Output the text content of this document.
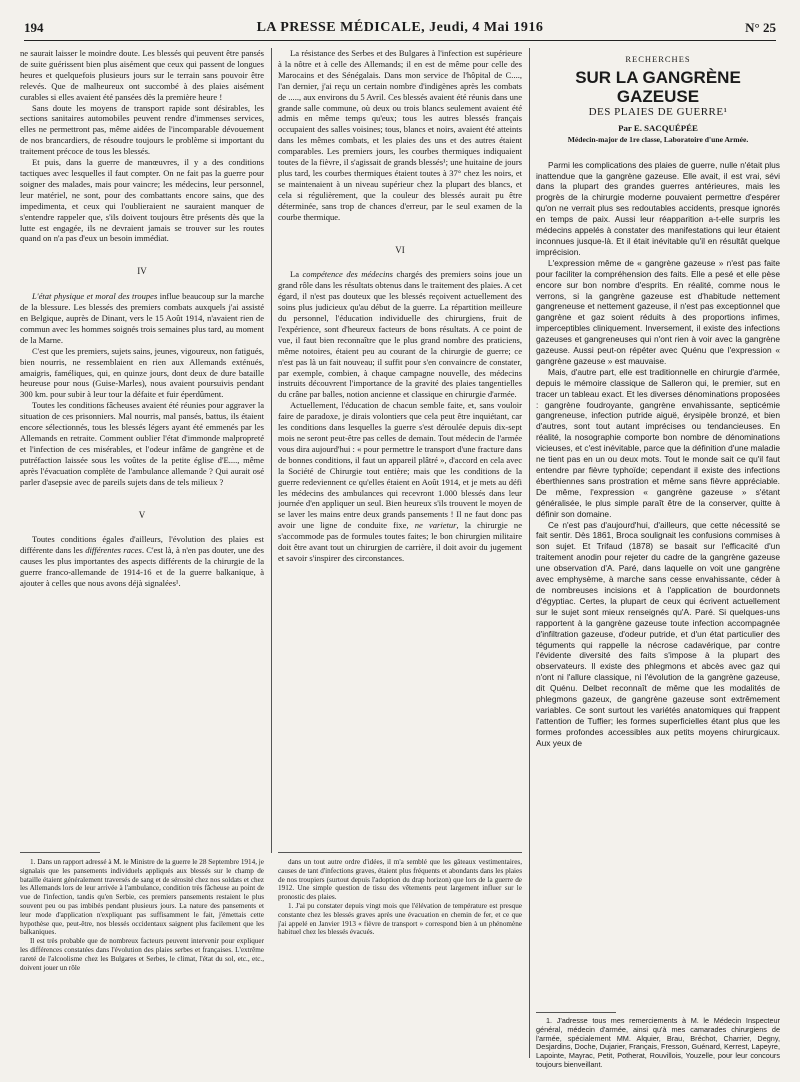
194	LA PRESSE MÉDICALE, Jeudi, 4 Mai 1916	N° 25

ne saurait laisser le moindre doute. Les blessés qui peuvent être pansés de suite guérissent bien plus aisément que ceux qui passent de longues heures et quelquefois plusieurs jours sur le terrain sans pouvoir être relevés. Que de malheureux ont succombé à des plaies aisément curables si elles avaient été pansées dès la première heure !

Sans doute les moyens de transport rapide sont désirables, les sections sanitaires automobiles peuvent rendre d'immenses services, elles ne permettront pas, même aidées de l'incomparable dévouement de nos brancardiers, de résoudre toujours le problème si important du traitement précoce de tous les blessés.

Et puis, dans la guerre de manœuvres, il y a des conditions tactiques avec lesquelles il faut compter. On ne fait pas la guerre pour soigner des malades, mais pour vaincre; les médecins, leur personnel, leur matériel, ne sont, pour des combattants encore sains, que des impedimenta, et ceux qui l'oublieraient ne sauraient manquer de s'entendre rappeler que, s'ils doivent toujours être présents dès que la lutte est engagée, ils ne devraient jamais se trouver sur les routes quand on n'a pas d'eux un besoin immédiat.

IV

L'état physique et moral des troupes influe beaucoup sur la marche de la blessure. Les blessés des premiers combats auxquels j'ai assisté en Belgique, auprès de Dinant, vers le 15 Août 1914, n'avaient rien de commun avec les hommes soignés trois semaines plus tard, au moment de la Marne.

C'est que les premiers, sujets sains, jeunes, vigoureux, non fatigués, bien nourris, ne ressemblaient en rien aux Allemands exténués, amaigris, faméliques, qui, en quinze jours, dont deux de dure bataille heureuse pour nous (Guise-Marles), nous avaient poursuivis pendant 300 km. pour subir à leur tour la défaite et fuir éperdûment.

Toutes les conditions fâcheuses avaient été réunies pour aggraver la situation de ces prisonniers. Mal nourris, mal pansés, battus, ils étaient encore sélectionnés, tous les blessés légers ayant été emmenés par les Allemands en retraite. Comment oublier l'état d'immonde malpropreté et l'infection de ces misérables, et l'odeur infâme de gangrène et de putréfaction laissée sous les voûtes de la petite église d'E...., même après l'évacuation complète de l'ambulance allemande ? Qui aurait osé parler d'asepsie avec de pareils sujets dans de tels milieux ?

V

Toutes conditions égales d'ailleurs, l'évolution des plaies est différente dans les différentes races. C'est là, à n'en pas douter, une des causes les plus importantes des aspects différents de la chirurgie de la guerre franco-allemande de 1914-16 et de la guerre balkanique, à ajouter à celles que nous avons déjà signalées¹.

La résistance des Serbes et des Bulgares à l'infection est supérieure à la nôtre et à celle des Allemands; il en est de même pour celle des Marocains et des Sénégalais. Dans mon service de l'hôpital de C...., l'an dernier, j'ai reçu un certain nombre d'indigènes après les combats de ....., aux environs du 5 Avril. Ces blessés avaient été réunis dans une grande salle commune, où deux ou trois blancs seulement avaient été admis en même temps qu'eux; tous les autres blessés français occupaient des salles voisines; tous, blancs et noirs, avaient été atteints dans les mêmes combats, et les plaies des uns et des autres étaient comparables. Les premiers jours, les courbes thermiques indiquaient toutes de la fièvre, il s'agissait de grands blessés¹; une huitaine de jours plus tard, les courbes thermiques étaient toutes à 37° chez les noirs, et se maintenaient à un niveau supérieur chez la plupart des blancs, et cela si régulièrement, que la couleur des blessés aurait pu être déterminée, sans trop de chances d'erreur, par le seul examen de la courbe thermique.

VI

La compétence des médecins chargés des premiers soins joue un grand rôle dans les résultats obtenus dans le traitement des plaies. A cet égard, il n'est pas douteux que les blessés reçoivent actuellement des soins plus judicieux qu'au début de la guerre. La répartition meilleure du personnel, l'éducation individuelle des chirurgiens, fruit de l'expérience, sont d'heureux facteurs de bons résultats. A ce point de vue, il faut bien reconnaître que le plus grand nombre des praticiens, même notoires, étaient peu au courant de la chirurgie de guerre; ce n'est pas là un fait nouveau; il suffit pour s'en convaincre de constater, par exemple, combien, à chaque campagne nouvelle, des médecins instruits découvrent l'importance de la gravité des plaies tangentielles du crâne par balles, notion ancienne et classique en chirurgie d'armée.

Actuellement, l'éducation de chacun semble faite, et, sans vouloir faire de paradoxe, je dirais volontiers que cela peut être inquiétant, car les conditions dans lesquelles la guerre s'est déroulée depuis dix-sept mois ne seront peut-être pas celles de demain. Tout médecin de l'armée vous dira aujourd'hui : « pour permettre le transport d'une fracture dans de bonnes conditions, il faut un appareil plâtré », d'accord en cela avec la Société de Chirurgie tout entière; mais que les conditions de la guerre redeviennent ce qu'elles étaient en Août 1914, et je mets au défi les médecins des ambulances qui recevront 1.000 blessés dans leur journée d'en appliquer un seul. Bien heureux s'ils trouvent le moyen de se laver les mains entre deux grands pansements ! Il ne faut donc pas avoir une ligne de conduite fixe, ne varietur, la chirurgie ne s'accommode pas de formules toutes faites; le bon chirurgien militaire doit être avant tout un chirurgien de carrière, il doit avoir du jugement et savoir s'inspirer des circonstances.

1. Dans un rapport adressé à M. le Ministre de la guerre le 28 Septembre 1914, je signalais que les pansements individuels appliqués aux blessés sur le champ de bataille étaient généralement traversés de sang et de sérosité chez nos soldats et chez les Allemands lors de leur arrivée à l'ambulance, condition très fâcheuse au point de vue de l'infection, tandis qu'en Serbie, ces premiers pansements restaient le plus souvent peu ou pas imbibés pendant plusieurs jours. La nature des pansements et leur mode d'application n'expliquant pas suffisamment le fait, j'émettais cette hypothèse que, peut-être, nos blessés occidentaux saignent plus facilement que les balkaniques.

Il est très probable que de nombreux facteurs peuvent intervenir pour expliquer les différences constatées dans l'évolution des plaies serbes et françaises. L'extrême rareté de l'alcoolisme chez les Bulgares et Serbes, le climat, l'état du sol, etc., etc., doivent jouer un rôle

dans un tout autre ordre d'idées, il m'a semblé que les gâteaux vestimentaires, causes de tant d'infections graves, étaient plus fréquents et abondants dans les plaies de nos troupiers (surtout depuis l'adoption du drap horizon) que lors de la guerre de 1912. Une simple question de tissu des vêtements peut largement influer sur le pronostic des plaies.

1. J'ai pu constater depuis vingt mois que l'élévation de température est presque constante chez les blessés graves après une évacuation en chemin de fer, et ce que j'ai appelé en Janvier 1913 « fièvre de transport » correspond bien à un phénomène habituel chez les blessés évacués.

RECHERCHES
SUR LA GANGRÈNE GAZEUSE
DES PLAIES DE GUERRE¹
Par E. SACQUÉPÉE
Médecin-major de 1re classe, Laboratoire d'une Armée.

Parmi les complications des plaies de guerre, nulle n'était plus inattendue que la gangrène gazeuse. Elle avait, il est vrai, sévi dans la plupart des grandes guerres antérieures, mais les progrès de la chirurgie moderne pouvaient permettre d'espérer qu'on ne verrait plus ses redoutables accidents, presque ignorés en temps de paix. Aussi leur réapparition a-t-elle surpris les médecins appelés à constater des manifestations qui leur étaient inconnues jusque-là. Et il était inévitable qu'il en résultât quelque imprécision.

L'expression même de « gangrène gazeuse » n'est pas faite pour faciliter la compréhension des faits. Elle a pesé et elle pèse encore sur bon nombre d'esprits. En réalité, comme nous le verrons, si la gangrène gazeuse est d'habitude nettement gangreneuse et nettement gazeuse, il n'est pas exceptionnel que gangrène et gaz soient réduits à des proportions infimes, imperceptibles cliniquement. Inversement, il existe des infections gazeuses et gangreneuses qui n'ont rien à voir avec la gangrène gazeuse. Aussi peut-on répéter avec Quénu que l'expression « gangrène gazeuse » est mauvaise.

Mais, d'autre part, elle est traditionnelle en chirurgie d'armée, depuis le mémoire classique de Salleron qui, le premier, sut en tracer un tableau exact. Et les diverses dénominations proposées : gangrène foudroyante, gangrène envahissante, septicémie gangreneuse, infection putride aiguë, érysipèle bronzé, et bien d'autres, sont tout autant imprécises ou tendancieuses. En réalité, la nosographie comporte bon nombre de dénominations vicieuses, et c'est inévitable, parce que la définition d'une maladie ne tient pas en un ou deux mots. Tout le monde sait ce qu'il faut entendre par fièvre typhoïde; cependant il existe des infections éberthiennes sans prostration et même sans fièvre appréciable. De même, l'expression « gangrène gazeuse » s'étant généralisée, le plus simple paraît être de la conserver, quitte à définir son domaine.

Ce n'est pas d'aujourd'hui, d'ailleurs, que cette nécessité se fait sentir. Dès 1861, Broca soulignait les confusions commises à son sujet. Et Trifaud (1878) se basait sur l'efficacité d'un traitement anodin pour rejeter du cadre de la gangrène gazeuse une observation d'A. Paré, dans laquelle on voit une gangrène avec emphysème, à marche sans cesse envahissante, céder à de nombreuses incisions et à l'application de bourdonnets d'égyptiac. Certes, la plupart de ceux qui écrivent actuellement sur le sujet sont mieux renseignés qu'A. Paré. Si quelques-uns rapportent à la gangrène gazeuse toute infection accompagnée d'infiltration gazeuse, d'odeur putride, et d'un état particulier des téguments qui rappelle la nécrose cadavérique, par contre l'évidente diversité des faits s'impose à la plupart des observateurs. Il existe des phlegmons et abcès avec gaz qui n'ont ni l'allure classique, ni l'évolution de la gangrène gazeuse, dit Quénu. Delbet reconnaît de même que les modalités de phlegmons gazeux, de gangrène gazeuse sont extrêmement variables. Ce sont surtout les variétés anatomiques qui frappent l'attention de Tuffier; les formes superficielles étant plus que les formes profondes accessibles aux petits moyens chirurgicaux. Aux yeux de

1. J'adresse tous mes remerciements à M. le Médecin Inspecteur général, médecin d'armée, ainsi qu'à mes camarades chirurgiens de l'armée, spécialement MM. Alquier, Brau, Bréchot, Charrier, Degny, Desjardins, Doche, Dujarier, Français, Fresson, Guénard, Kerrest, Lapeyre, Lapointe, Mayrac, Petit, Potherat, Rouvillois, Youzelle, pour leur concours toujours bienveillant.
